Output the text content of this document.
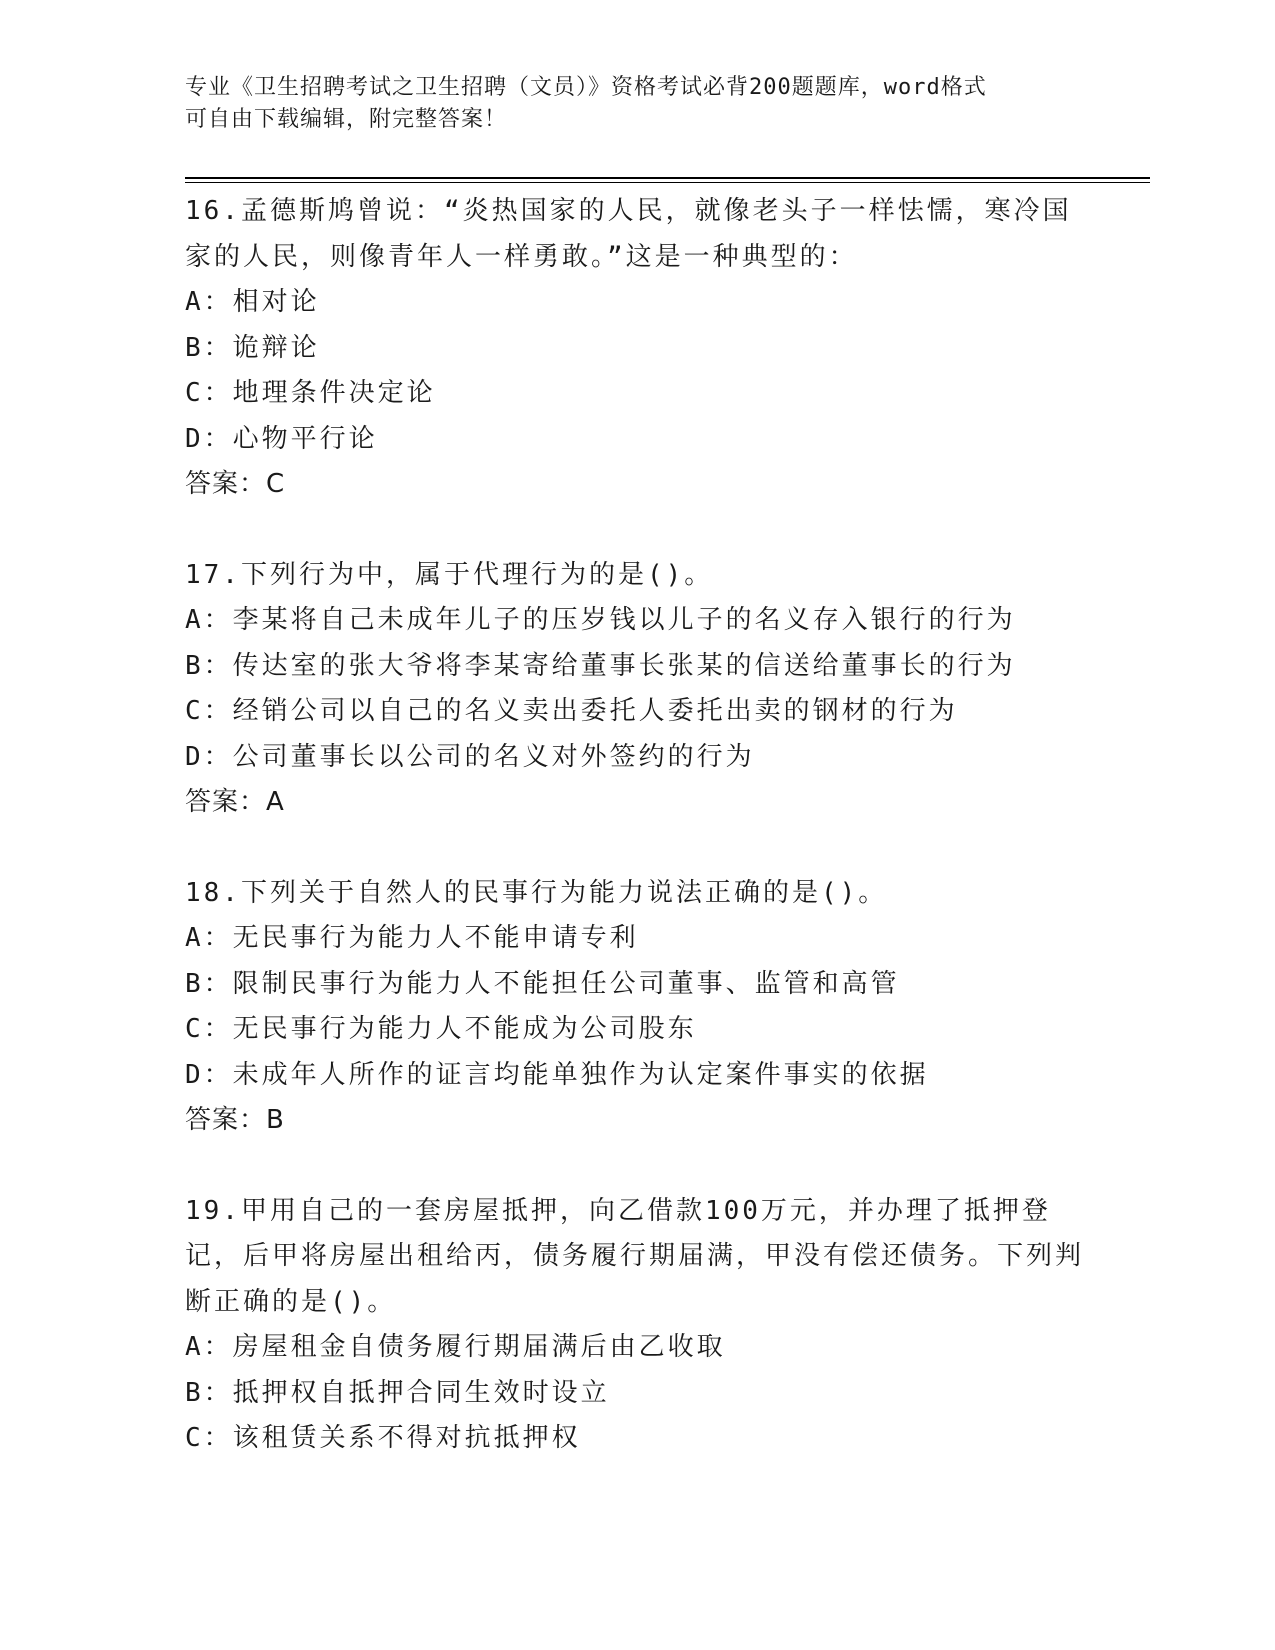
专业《卫生招聘考试之卫生招聘（文员）》资格考试必背200题题库，word格式
可自由下载编辑，附完整答案！

16.孟德斯鸠曾说：“炎热国家的人民，就像老头子一样怯懦，寒冷国家的人民，则像青年人一样勇敢。”这是一种典型的：

A：相对论

B：诡辩论

C：地理条件决定论

D：心物平行论

答案：C

17.下列行为中，属于代理行为的是()。

A：李某将自己未成年儿子的压岁钱以儿子的名义存入银行的行为

B：传达室的张大爷将李某寄给董事长张某的信送给董事长的行为

C：经销公司以自己的名义卖出委托人委托出卖的钢材的行为

D：公司董事长以公司的名义对外签约的行为

答案：A

18.下列关于自然人的民事行为能力说法正确的是()。

A：无民事行为能力人不能申请专利

B：限制民事行为能力人不能担任公司董事、监管和高管

C：无民事行为能力人不能成为公司股东

D：未成年人所作的证言均能单独作为认定案件事实的依据

答案：B

19.甲用自己的一套房屋抵押，向乙借款100万元，并办理了抵押登记，后甲将房屋出租给丙，债务履行期届满，甲没有偿还债务。下列判断正确的是()。

A：房屋租金自债务履行期届满后由乙收取

B：抵押权自抵押合同生效时设立

C：该租赁关系不得对抗抵押权
